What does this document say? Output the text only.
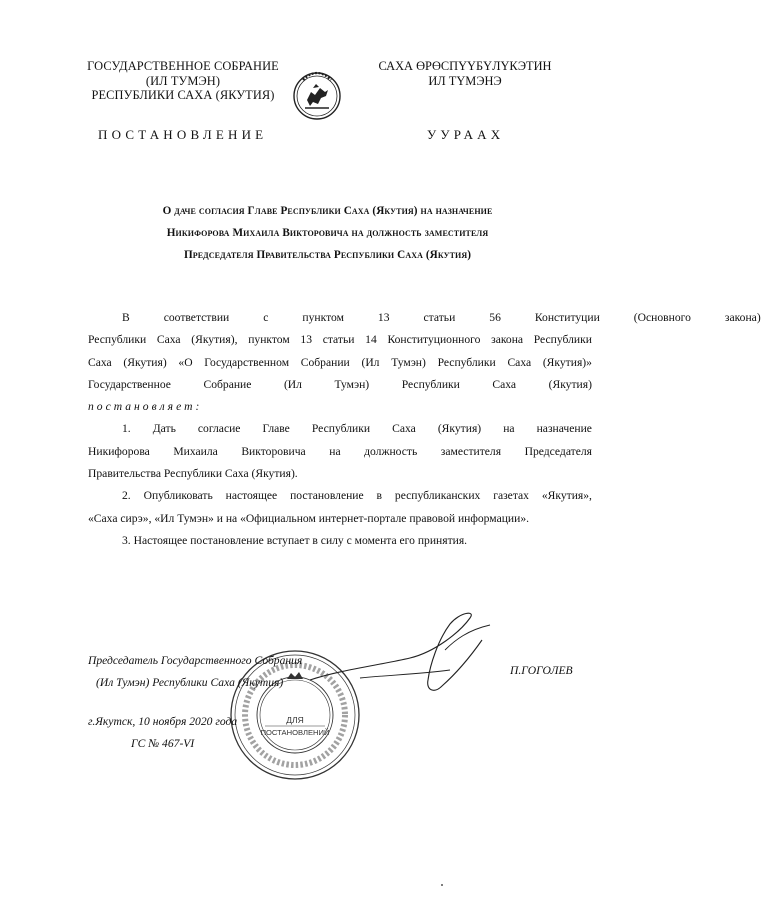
ГОСУДАРСТВЕННОЕ СОБРАНИЕ
(ИЛ ТУМЭН)
РЕСПУБЛИКИ САХА (ЯКУТИЯ)
САХА ӨРӨСПҮҮБҮЛҮКЭТИН
ИЛ ТҮМЭНЭ
ПОСТАНОВЛЕНИЕ	УУРААХ
О даче согласия Главе Республики Саха (Якутия) на назначение
Никифорова Михаила Викторовича на должность заместителя
Председателя Правительства Республики Саха (Якутия)
В	соответствии	с	пунктом	13	статьи	56	Конституции	(Основного	закона)
Республики Саха (Якутия), пунктом 13 статьи 14 Конституционного закона Республики
Саха (Якутия) «О Государственном Собрании (Ил Тумэн) Республики Саха (Якутия)»
Государственное	Собрание	(Ил	Тумэн)	Республики	Саха	(Якутия)
постановляет:
1. Дать согласие Главе Республики Саха (Якутия) на назначение
Никифорова Михаила Викторовича на должность заместителя Председателя
Правительства Республики Саха (Якутия).
2. Опубликовать настоящее постановление в республиканских газетах «Якутия»,
«Саха сирэ», «Ил Тумэн» и на «Официальном интернет-портале правовой информации».
3. Настоящее постановление вступает в силу с момента его принятия.
ДЛЯ
ПОСТАНОВЛЕНИЙ
Председатель Государственного Собрания
(Ил Тумэн) Республики Саха (Якутия)
П.ГОГОЛЕВ
г.Якутск, 10 ноября 2020 года
ГС № 467-VI
